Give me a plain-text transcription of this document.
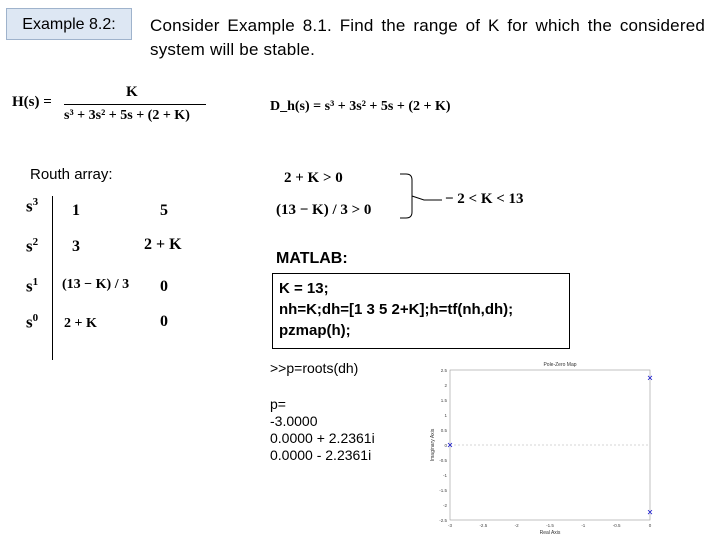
Example 8.2:	Consider Example 8.1. Find the range of K for which the considered system will be stable.
H(s) =
K
s³ + 3s² + 5s + (2 + K)
D_h(s) = s³ + 3s² + 5s + (2 + K)
Routh array:
$s^3$ 1	5
$s^2$ 3	2 + K
$s^1$ (13 − K) / 3 0
$s^0$ 2 + K	0
2 + K > 0
(13 − K) / 3 > 0
− 2 < K < 13
MATLAB:
K = 13;
nh=K;dh=[1 3 5 2+K];h=tf(nh,dh);
pzmap(h);
>>p=roots(dh)
p=
-3.0000
0.0000 + 2.2361i
0.0000 - 2.2361i
Pole-Zero Map
2.5
2
1.5
1
0.5
0
-0.5
-1
-1.5
-2
-2.5
-3	-2.5	-2	-1.5	-1	-0.5	0
Imaginary Axis
Real Axis
